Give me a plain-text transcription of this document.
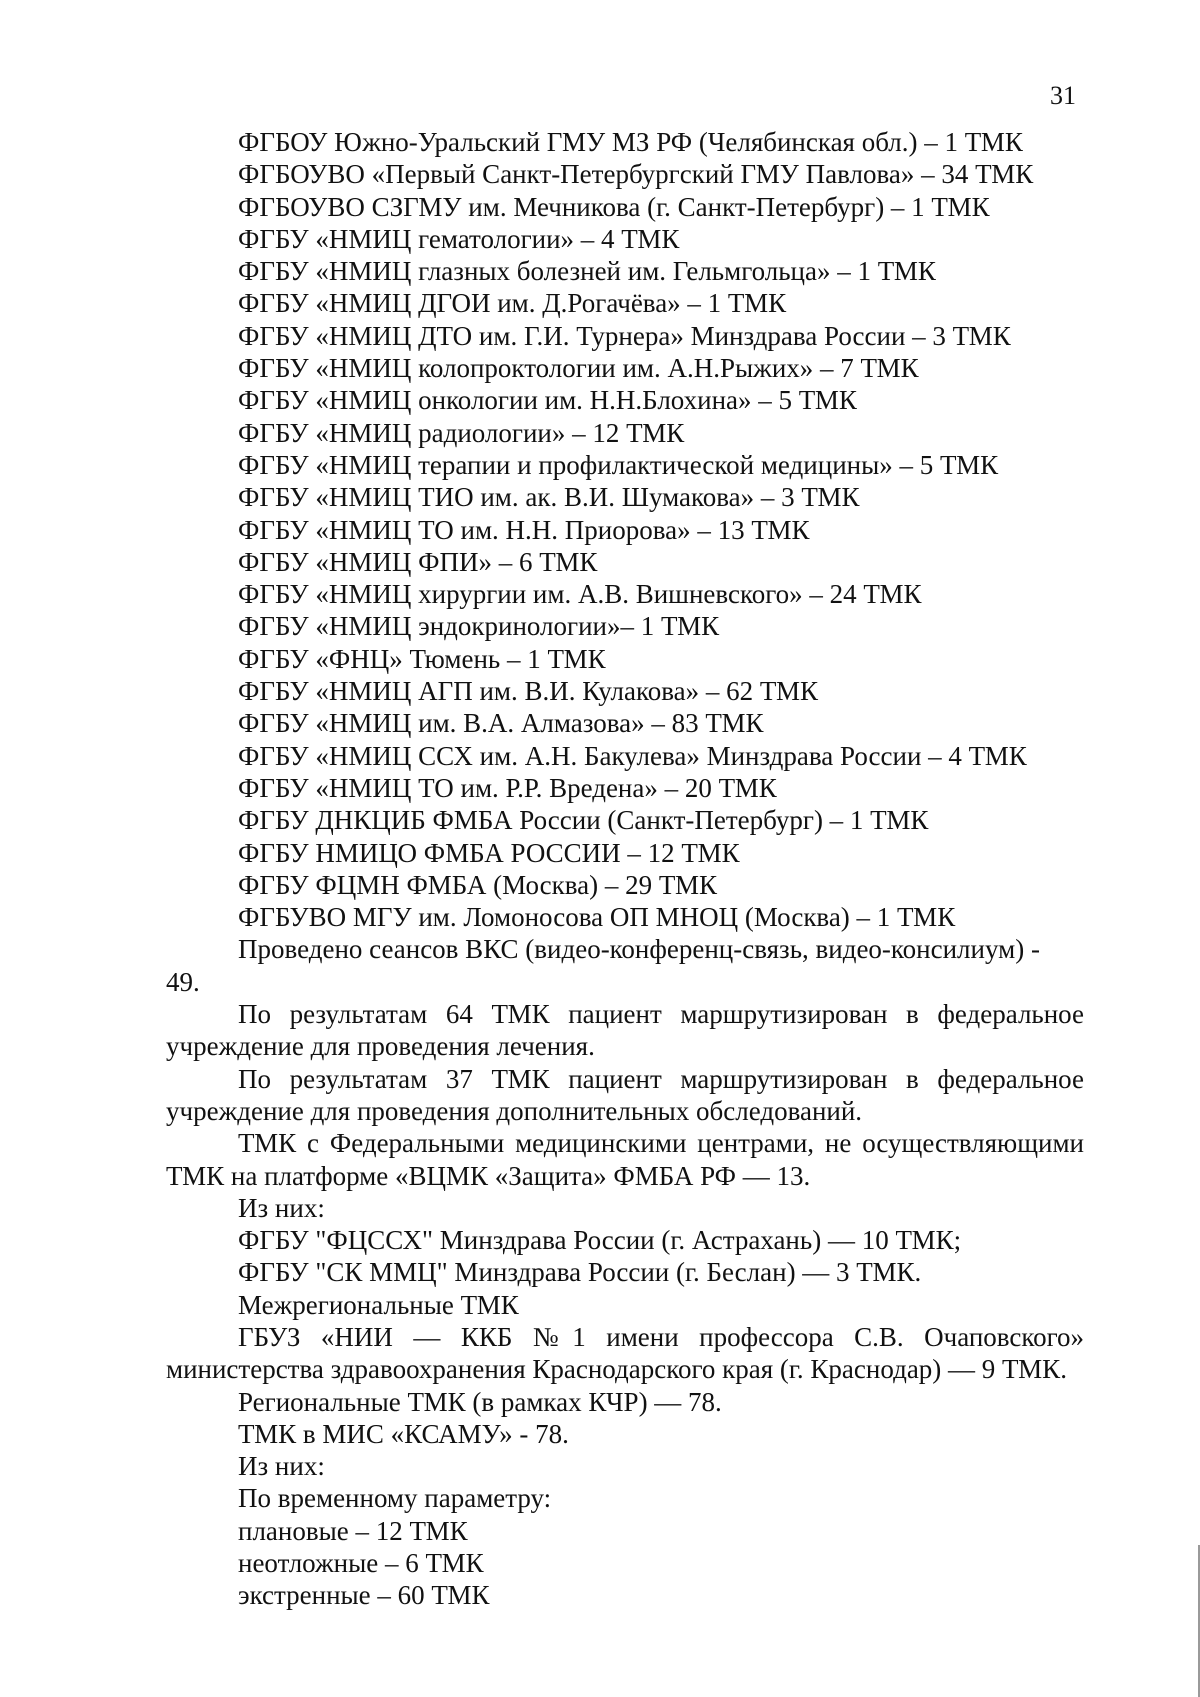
31
ФГБОУ Южно-Уральский ГМУ МЗ РФ (Челябинская обл.) – 1 ТМК
ФГБОУВО «Первый Санкт-Петербургский ГМУ Павлова» – 34 ТМК
ФГБОУВО СЗГМУ им. Мечникова (г. Санкт-Петербург) – 1 ТМК
ФГБУ «НМИЦ гематологии» – 4 ТМК
ФГБУ «НМИЦ глазных болезней им. Гельмгольца» – 1 ТМК
ФГБУ «НМИЦ ДГОИ им. Д.Рогачёва» – 1 ТМК
ФГБУ «НМИЦ ДТО им. Г.И. Турнера» Минздрава России – 3 ТМК
ФГБУ «НМИЦ колопроктологии им. А.Н.Рыжих» – 7 ТМК
ФГБУ «НМИЦ онкологии им. Н.Н.Блохина» – 5 ТМК
ФГБУ «НМИЦ радиологии» – 12 ТМК
ФГБУ «НМИЦ терапии и профилактической медицины» – 5 ТМК
ФГБУ «НМИЦ ТИО им. ак. В.И. Шумакова» – 3 ТМК
ФГБУ «НМИЦ ТО им. Н.Н. Приорова» – 13 ТМК
ФГБУ «НМИЦ ФПИ» – 6 ТМК
ФГБУ «НМИЦ хирургии им. А.В. Вишневского» – 24 ТМК
ФГБУ «НМИЦ эндокринологии»– 1 ТМК
ФГБУ «ФНЦ» Тюмень – 1 ТМК
ФГБУ «НМИЦ АГП им. В.И. Кулакова» – 62 ТМК
ФГБУ «НМИЦ им. В.А. Алмазова» – 83 ТМК
ФГБУ «НМИЦ ССХ им. А.Н. Бакулева» Минздрава России – 4 ТМК
ФГБУ «НМИЦ ТО им. Р.Р. Вредена» – 20 ТМК
ФГБУ ДНКЦИБ ФМБА России (Санкт-Петербург) – 1 ТМК
ФГБУ НМИЦО ФМБА РОССИИ – 12 ТМК
ФГБУ ФЦМН ФМБА (Москва) – 29 ТМК
ФГБУВО МГУ им. Ломоносова ОП МНОЦ (Москва) – 1 ТМК
Проведено сеансов ВКС (видео-конференц-связь, видео-консилиум) -
49.
По результатам 64 ТМК пациент маршрутизирован в федеральное учреждение для проведения лечения.
По результатам 37 ТМК пациент маршрутизирован в федеральное учреждение для проведения дополнительных обследований.
ТМК с Федеральными медицинскими центрами, не осуществляющими ТМК на платформе «ВЦМК «Защита» ФМБА РФ — 13.
Из них:
ФГБУ "ФЦССХ" Минздрава России (г. Астрахань) — 10 ТМК;
ФГБУ "СК ММЦ" Минздрава России (г. Беслан) — 3 ТМК.
Межрегиональные ТМК
ГБУЗ «НИИ — ККБ №1 имени профессора С.В. Очаповского» министерства здравоохранения Краснодарского края (г. Краснодар) — 9 ТМК.
Региональные ТМК (в рамках КЧР) — 78.
ТМК в МИС «КСАМУ» - 78.
Из них:
По временному параметру:
плановые – 12 ТМК
неотложные – 6 ТМК
экстренные – 60 ТМК
